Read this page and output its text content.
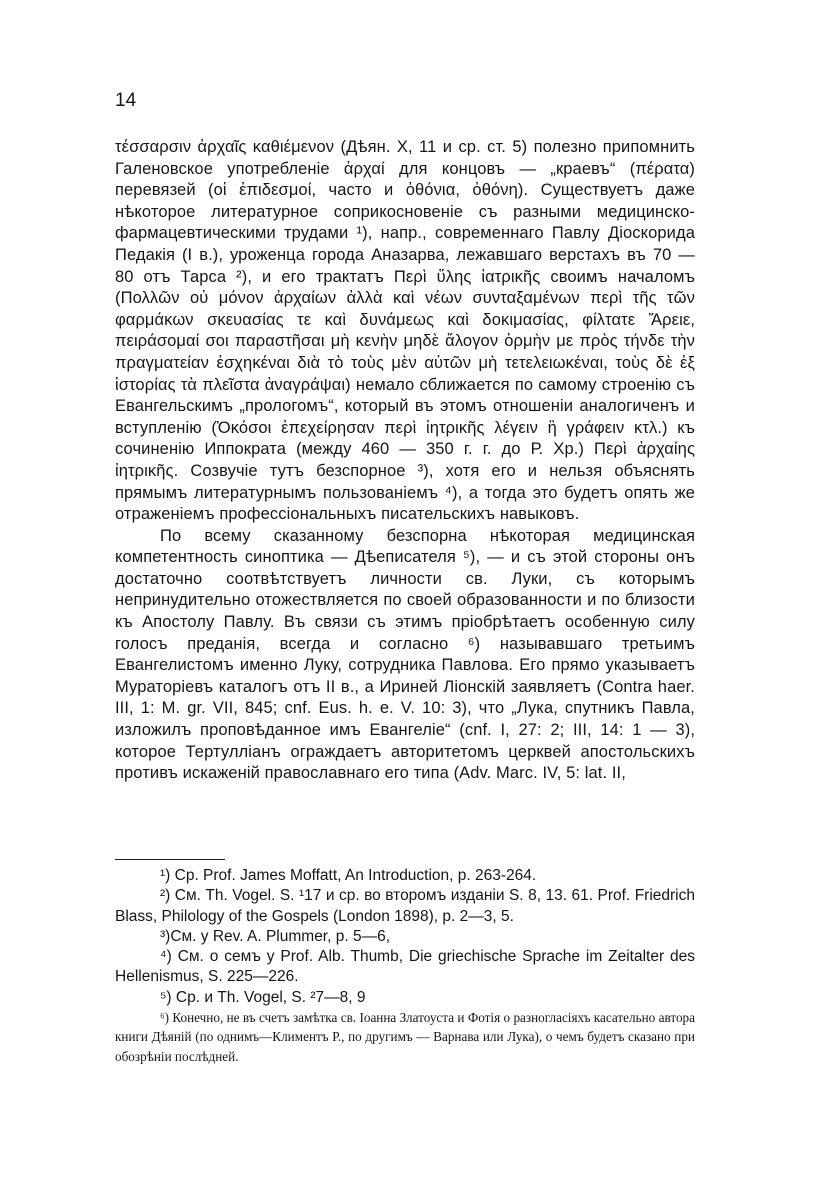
14

τέσσαρσιν ἀρχαῖς καθιέμενον (Дѣян. X, 11 и ср. ст. 5) полезно припомнить Галеновское употребленіе ἀρχαί для концовъ — „краевъ“ (πέρατα) перевязей (οἱ ἐπιδεσμοί, часто и ὀθόνια, ὀθόνη). Существуетъ даже нѣкоторое литературное соприкосновеніе съ разными медицинско-фармацевтическими трудами ¹), напр., современнаго Павлу Діоскорида Педакія (I в.), уроженца города Аназарва, лежавшаго верстахъ въ 70 — 80 отъ Тарса ²), и его трактатъ Περὶ ὕλης ἰατρικῆς своимъ началомъ (Πολλῶν οὐ μόνον ἀρχαίων ἀλλὰ καὶ νέων συνταξαμένων περὶ τῆς τῶν φαρμάκων σκευασίας τε καὶ δυνάμεως καὶ δοκιμασίας, φίλτατε Ἄρειε, πειράσομαί σοι παραστῆσαι μὴ κενὴν μηδὲ ἄλογον ὁρμὴν με πρὸς τήνδε τὴν πραγματείαν ἐσχηκέναι διὰ τὸ τοὺς μὲν αὐτῶν μὴ τετελειωκέναι, τοὺς δὲ ἐξ ἱστορίας τὰ πλεῖστα ἀναγράψαι) немало сближается по самому строенію съ Евангельскимъ „прологомъ“, который въ этомъ отношеніи аналогиченъ и вступленію (Ὁκόσοι ἐπεχείρησαν περὶ ἰητρικῆς λέγειν ἢ γράφειν κτλ.) къ сочиненію Иппократа (между 460 — 350 г. г. до Р. Хр.) Περὶ ἀρχαίης ἰητρικῆς. Созвучіе тутъ безспорное ³), хотя его и нельзя объяснять прямымъ литературнымъ пользованіемъ ⁴), а тогда это будетъ опять же отраженіемъ профессіональныхъ писательскихъ навыковъ.

По всему сказанному безспорна нѣкоторая медицинская компетентность синоптика — Дѣеписателя ⁵), — и съ этой стороны онъ достаточно соотвѣтствуетъ личности св. Луки, съ которымъ непринудительно отожествляется по своей образованности и по близости къ Апостолу Павлу. Въ связи съ этимъ пріобрѣтаетъ особенную силу голосъ преданія, всегда и согласно ⁶) называвшаго третьимъ Евангелистомъ именно Луку, сотрудника Павлова. Его прямо указываетъ Мураторіевъ каталогъ отъ II в., а Ириней Ліонскій заявляетъ (Contra haer. III, 1: M. gr. VII, 845; cnf. Eus. h. e. V. 10: 3), что „Лука, спутникъ Павла, изложилъ проповѣданное имъ Евангеліе“ (cnf. I, 27: 2; III, 14: 1 — 3), которое Тертулліанъ ограждаетъ авторитетомъ церквей апостольскихъ противъ искаженій православнаго его типа (Adv. Marc. IV, 5: lat. II,

¹) Ср. Prof. James Moffatt, An Introduction, p. 263-264.

²) См. Th. Vogel. S. ¹17 и ср. во второмъ изданіи S. 8, 13. 61. Prof. Friedrich Blass, Philology of the Gospels (London 1898), p. 2—3, 5.

³)См. у Rev. A. Plummer, p. 5—6,

⁴) См. о семъ у Prof. Alb. Thumb, Die griechische Sprache im Zeitalter des Hellenismus, S. 225—226.

⁵) Ср. и Th. Vogel, S. ²7—8, 9

⁶) Конечно, не въ счетъ замѣтка св. Іоанна Златоуста и Фотія о разногласіяхъ касательно автора книги Дѣяній (по однимъ—Климентъ Р., по другимъ — Варнава или Лука), о чемъ будетъ сказано при обозрѣніи послѣдней.
